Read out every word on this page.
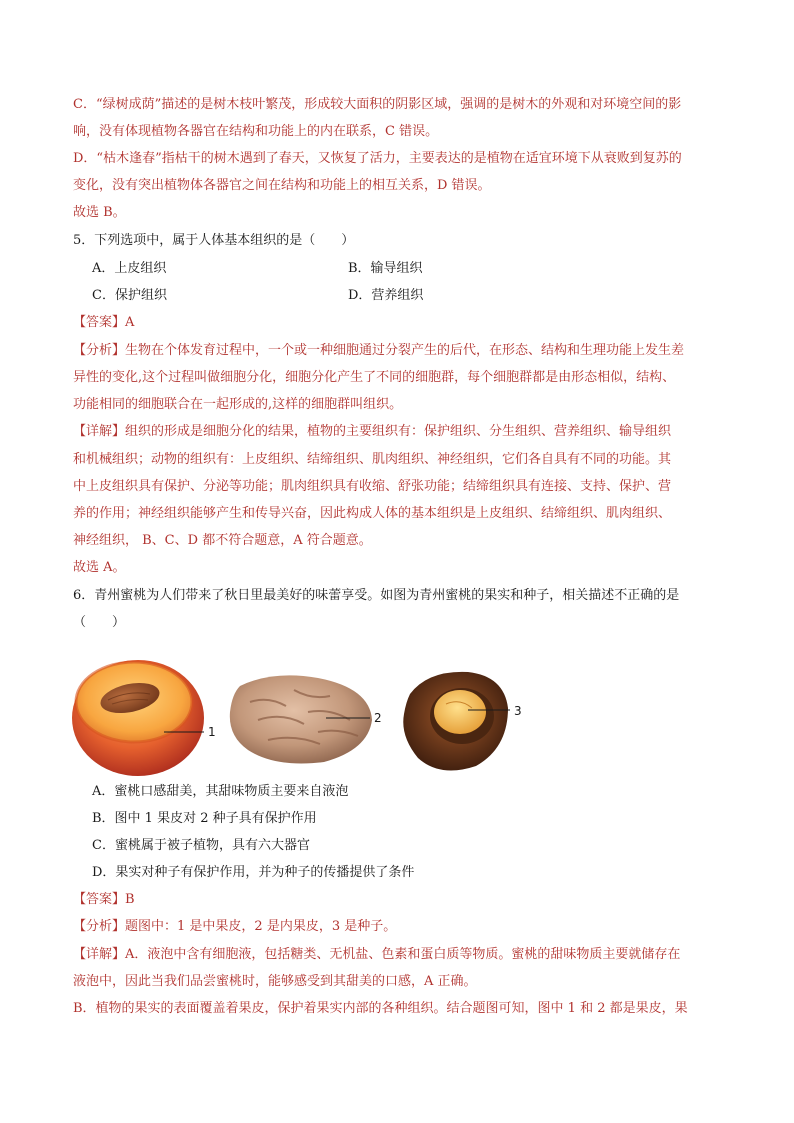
C．“绿树成荫”描述的是树木枝叶繁茂，形成较大面积的阴影区域，强调的是树木的外观和对环境空间的影
响，没有体现植物各器官在结构和功能上的内在联系，C 错误。
D．“枯木逢春”指枯干的树木遇到了春天，又恢复了活力，主要表达的是植物在适宜环境下从衰败到复苏的
变化，没有突出植物体各器官之间在结构和功能上的相互关系，D 错误。
故选 B。
5．下列选项中，属于人体基本组织的是（　　）
A．上皮组织	B．输导组织
C．保护组织	D．营养组织
【答案】A
【分析】生物在个体发育过程中，一个或一种细胞通过分裂产生的后代，在形态、结构和生理功能上发生差
异性的变化,这个过程叫做细胞分化，细胞分化产生了不同的细胞群，每个细胞群都是由形态相似，结构、
功能相同的细胞联合在一起形成的,这样的细胞群叫组织。
【详解】组织的形成是细胞分化的结果，植物的主要组织有：保护组织、分生组织、营养组织、输导组织
和机械组织；动物的组织有：上皮组织、结缔组织、肌肉组织、神经组织，它们各自具有不同的功能。其
中上皮组织具有保护、分泌等功能；肌肉组织具有收缩、舒张功能；结缔组织具有连接、支持、保护、营
养的作用；神经组织能够产生和传导兴奋，因此构成人体的基本组织是上皮组织、结缔组织、肌肉组织、
神经组织， B、C、D 都不符合题意，A 符合题意。
故选 A。
6．青州蜜桃为人们带来了秋日里最美好的味蕾享受。如图为青州蜜桃的果实和种子，相关描述不正确的是
（　　）
1
2	3
A．蜜桃口感甜美，其甜味物质主要来自液泡
B．图中 1 果皮对 2 种子具有保护作用
C．蜜桃属于被子植物，具有六大器官
D．果实对种子有保护作用，并为种子的传播提供了条件
【答案】B
【分析】题图中：1 是中果皮，2 是内果皮，3 是种子。
【详解】A．液泡中含有细胞液，包括糖类、无机盐、色素和蛋白质等物质。蜜桃的甜味物质主要就储存在
液泡中，因此当我们品尝蜜桃时，能够感受到其甜美的口感，A 正确。
B．植物的果实的表面覆盖着果皮，保护着果实内部的各种组织。结合题图可知，图中 1 和 2 都是果皮，果
